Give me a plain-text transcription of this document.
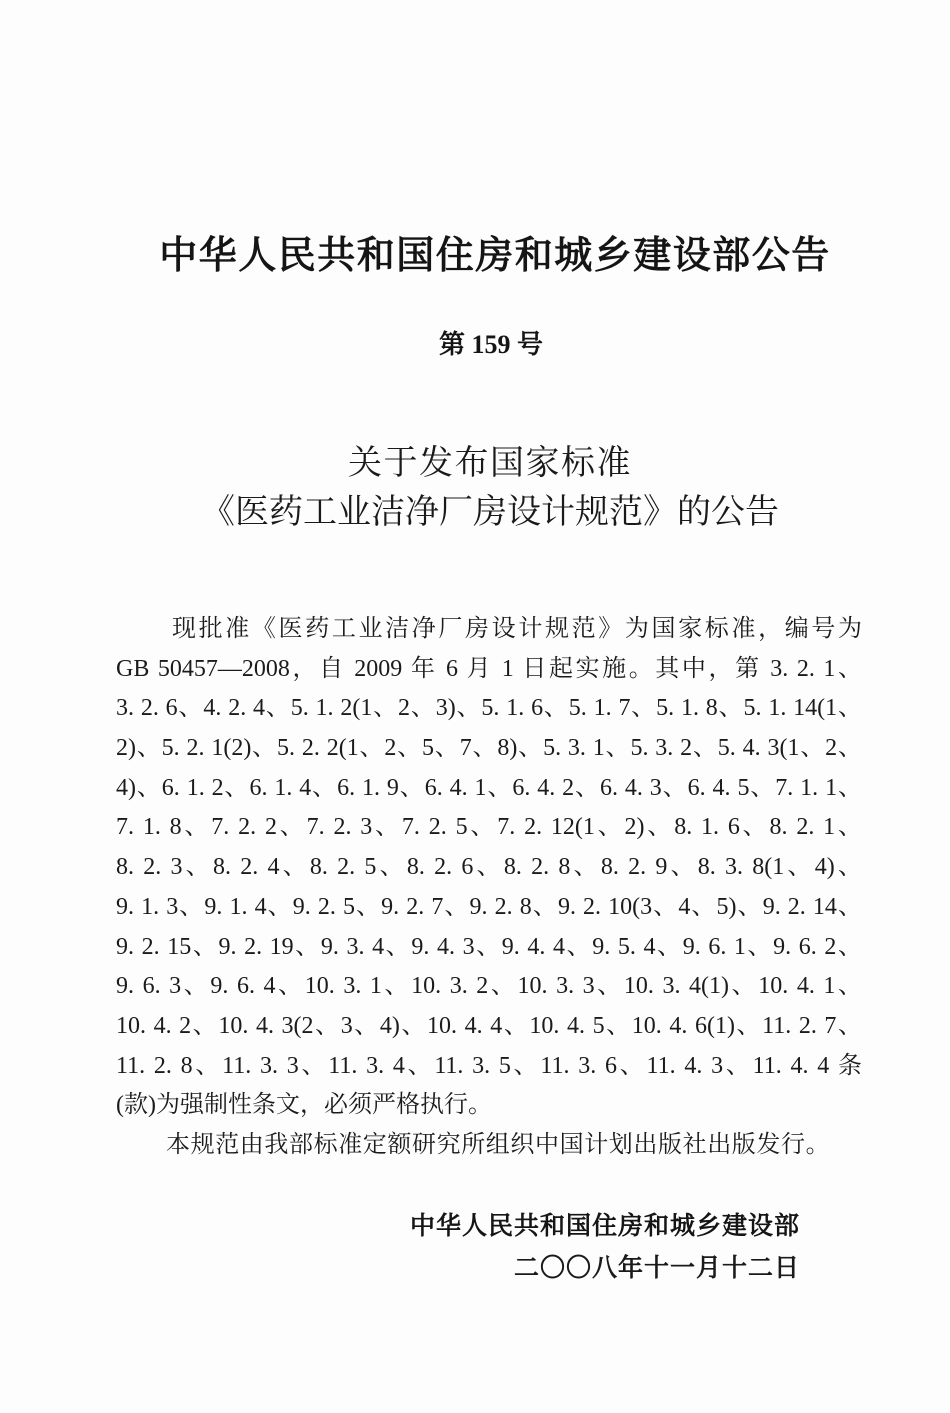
中华人民共和国住房和城乡建设部公告
第 159 号
关于发布国家标准
《医药工业洁净厂房设计规范》的公告
现批准《医药工业洁净厂房设计规范》为国家标准，编号为
GB 50457—2008，自 2009 年 6 月 1 日起实施。其中，第 3. 2. 1、
3. 2. 6、4. 2. 4、5. 1. 2(1、2、3)、5. 1. 6、5. 1. 7、5. 1. 8、5. 1. 14(1、
2)、5. 2. 1(2)、5. 2. 2(1、2、5、7、8)、5. 3. 1、5. 3. 2、5. 4. 3(1、2、
4)、6. 1. 2、6. 1. 4、6. 1. 9、6. 4. 1、6. 4. 2、6. 4. 3、6. 4. 5、7. 1. 1、
7. 1. 8、7. 2. 2、7. 2. 3、7. 2. 5、7. 2. 12(1、2)、8. 1. 6、8. 2. 1、
8. 2. 3、8. 2. 4、8. 2. 5、8. 2. 6、8. 2. 8、8. 2. 9、8. 3. 8(1、4)、
9. 1. 3、9. 1. 4、9. 2. 5、9. 2. 7、9. 2. 8、9. 2. 10(3、4、5)、9. 2. 14、
9. 2. 15、9. 2. 19、9. 3. 4、9. 4. 3、9. 4. 4、9. 5. 4、9. 6. 1、9. 6. 2、
9. 6. 3、9. 6. 4、10. 3. 1、10. 3. 2、10. 3. 3、10. 3. 4(1)、10. 4. 1、
10. 4. 2、10. 4. 3(2、3、4)、10. 4. 4、10. 4. 5、10. 4. 6(1)、11. 2. 7、
11. 2. 8、11. 3. 3、11. 3. 4、11. 3. 5、11. 3. 6、11. 4. 3、11. 4. 4 条
(款)为强制性条文，必须严格执行。
本规范由我部标准定额研究所组织中国计划出版社出版发行。
中华人民共和国住房和城乡建设部
二〇〇八年十一月十二日
